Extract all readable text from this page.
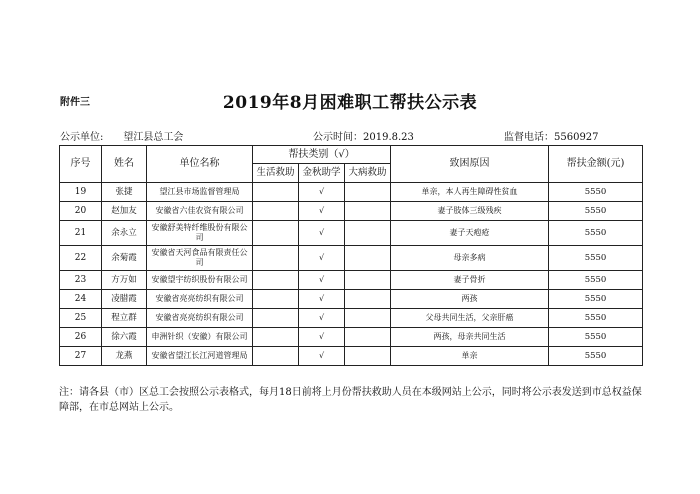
附件三	2019年8月困难职工帮扶公示表
公示单位:　　望江县总工会	公示时间：2019.8.23	监督电话：5560927
序号	姓名	单位名称	帮扶类别（√）			致困原因	帮扶金额(元)
			生活救助	金秋助学	大病救助		
19	张捷	望江县市场监督管理局		√		单亲，本人再生障碍性贫血	5550
20	赵加友	安徽省六佳农资有限公司		√		妻子肢体三级残疾	5550
21	余永立	安徽舒美特纤维股份有限公司		√		妻子天疱疮	5550
22	余菊霞	安徽省天河食品有限责任公司		√		母亲多病	5550
23	方万如	安徽望宇纺织股份有限公司		√		妻子骨折	5550
24	凌腊霞	安徽省亮亮纺织有限公司		√		两孩	5550
25	程立群	安徽省亮亮纺织有限公司		√		父母共同生活，父亲肝癌	5550
26	徐六霞	申洲针织（安徽）有限公司		√		两孩，母亲共同生活	5550
27	龙燕	安徽省望江长江河道管理局		√		单亲	5550
注：请各县（市）区总工会按照公示表格式，每月18日前将上月份帮扶救助人员在本级网站上公示，同时将公示表发送到市总权益保障部，在市总网站上公示。
